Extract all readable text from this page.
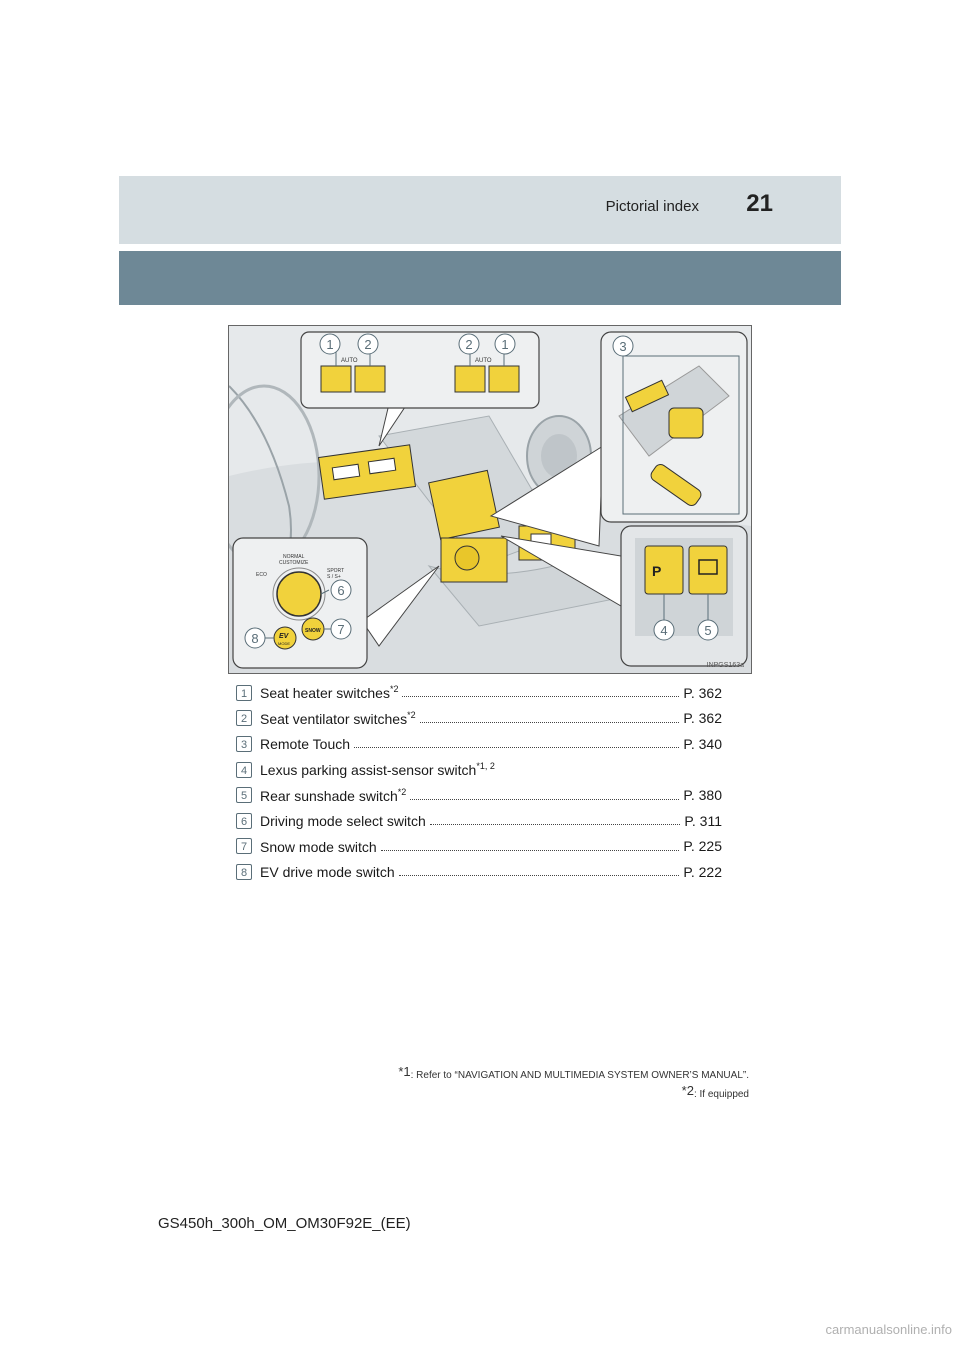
Pictorial index 21
AUTO	AUTO
P
NORMAL
CUSTOMIZE
ECO
SPORT
S / S+
EV
MODE
SNOW
1 2	2 1	3
4	5
6
7
8
INPGS163a
1 Seat heater switches$^{*2}$	P. 362
2 Seat ventilator switches$^{*2}$	P. 362
3 Remote Touch	P. 340
4 Lexus parking assist-sensor switch$^{*1, 2}$
5 Rear sunshade switch$^{*2}$	P. 380
6 Driving mode select switch	P. 311
7 Snow mode switch	P. 225
8 EV drive mode switch	P. 222
$^{*1}$: Refer to “NAVIGATION AND MULTIMEDIA SYSTEM OWNER’S MANUAL”.
$^{*2}$: If equipped
GS450h_300h_OM_OM30F92E_(EE)
carmanualsonline.info
